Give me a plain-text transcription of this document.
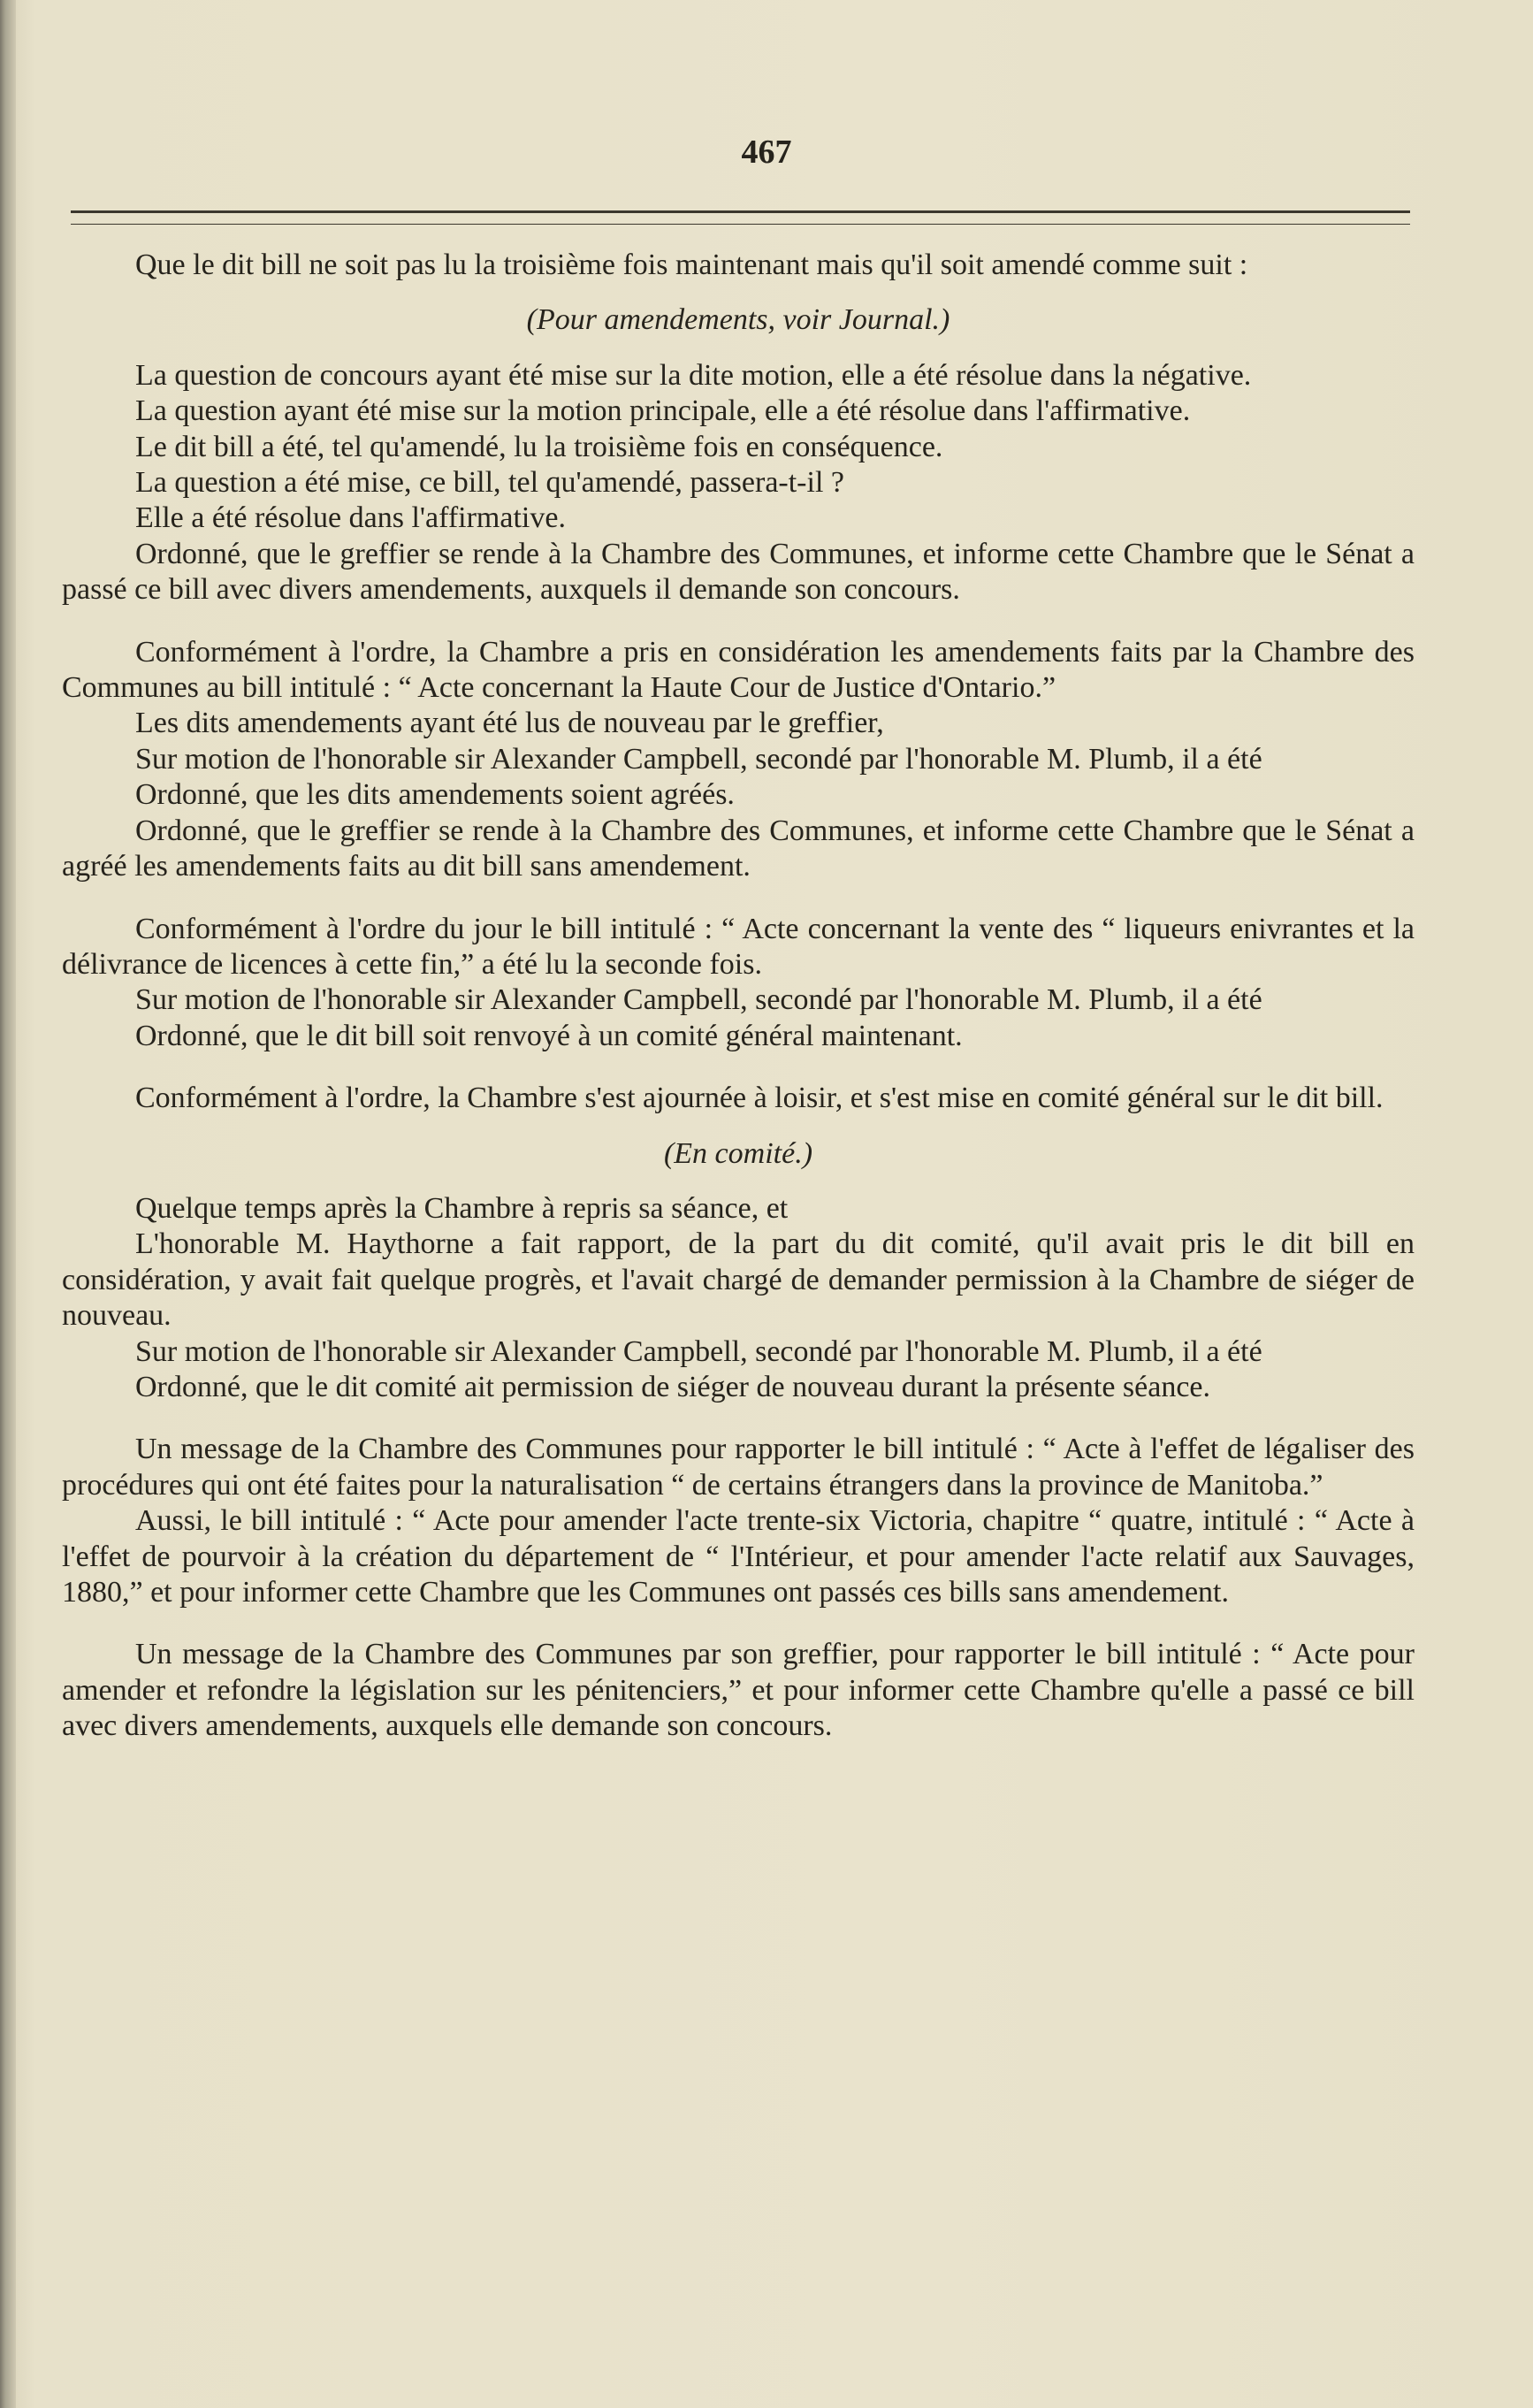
467

Que le dit bill ne soit pas lu la troisième fois maintenant mais qu'il soit amendé comme suit :

(Pour amendements, voir Journal.)

La question de concours ayant été mise sur la dite motion, elle a été résolue dans la négative.

La question ayant été mise sur la motion principale, elle a été résolue dans l'affirmative.

Le dit bill a été, tel qu'amendé, lu la troisième fois en conséquence.

La question a été mise, ce bill, tel qu'amendé, passera-t-il ?

Elle a été résolue dans l'affirmative.

Ordonné, que le greffier se rende à la Chambre des Communes, et informe cette Chambre que le Sénat a passé ce bill avec divers amendements, auxquels il demande son concours.

Conformément à l'ordre, la Chambre a pris en considération les amendements faits par la Chambre des Communes au bill intitulé : “ Acte concernant la Haute Cour de Justice d'Ontario.”

Les dits amendements ayant été lus de nouveau par le greffier,

Sur motion de l'honorable sir Alexander Campbell, secondé par l'honorable M. Plumb, il a été

Ordonné, que les dits amendements soient agréés.

Ordonné, que le greffier se rende à la Chambre des Communes, et informe cette Chambre que le Sénat a agréé les amendements faits au dit bill sans amendement.

Conformément à l'ordre du jour le bill intitulé : “ Acte concernant la vente des “ liqueurs enivrantes et la délivrance de licences à cette fin,” a été lu la seconde fois.

Sur motion de l'honorable sir Alexander Campbell, secondé par l'honorable M. Plumb, il a été

Ordonné, que le dit bill soit renvoyé à un comité général maintenant.

Conformément à l'ordre, la Chambre s'est ajournée à loisir, et s'est mise en comité général sur le dit bill.

(En comité.)

Quelque temps après la Chambre à repris sa séance, et

L'honorable M. Haythorne a fait rapport, de la part du dit comité, qu'il avait pris le dit bill en considération, y avait fait quelque progrès, et l'avait chargé de demander permission à la Chambre de siéger de nouveau.

Sur motion de l'honorable sir Alexander Campbell, secondé par l'honorable M. Plumb, il a été

Ordonné, que le dit comité ait permission de siéger de nouveau durant la présente séance.

Un message de la Chambre des Communes pour rapporter le bill intitulé : “ Acte à l'effet de légaliser des procédures qui ont été faites pour la naturalisation “ de certains étrangers dans la province de Manitoba.”

Aussi, le bill intitulé : “ Acte pour amender l'acte trente-six Victoria, chapitre “ quatre, intitulé : “ Acte à l'effet de pourvoir à la création du département de “ l'Intérieur, et pour amender l'acte relatif aux Sauvages, 1880,” et pour informer cette Chambre que les Communes ont passés ces bills sans amendement.

Un message de la Chambre des Communes par son greffier, pour rapporter le bill intitulé : “ Acte pour amender et refondre la législation sur les pénitenciers,” et pour informer cette Chambre qu'elle a passé ce bill avec divers amendements, auxquels elle demande son concours.
